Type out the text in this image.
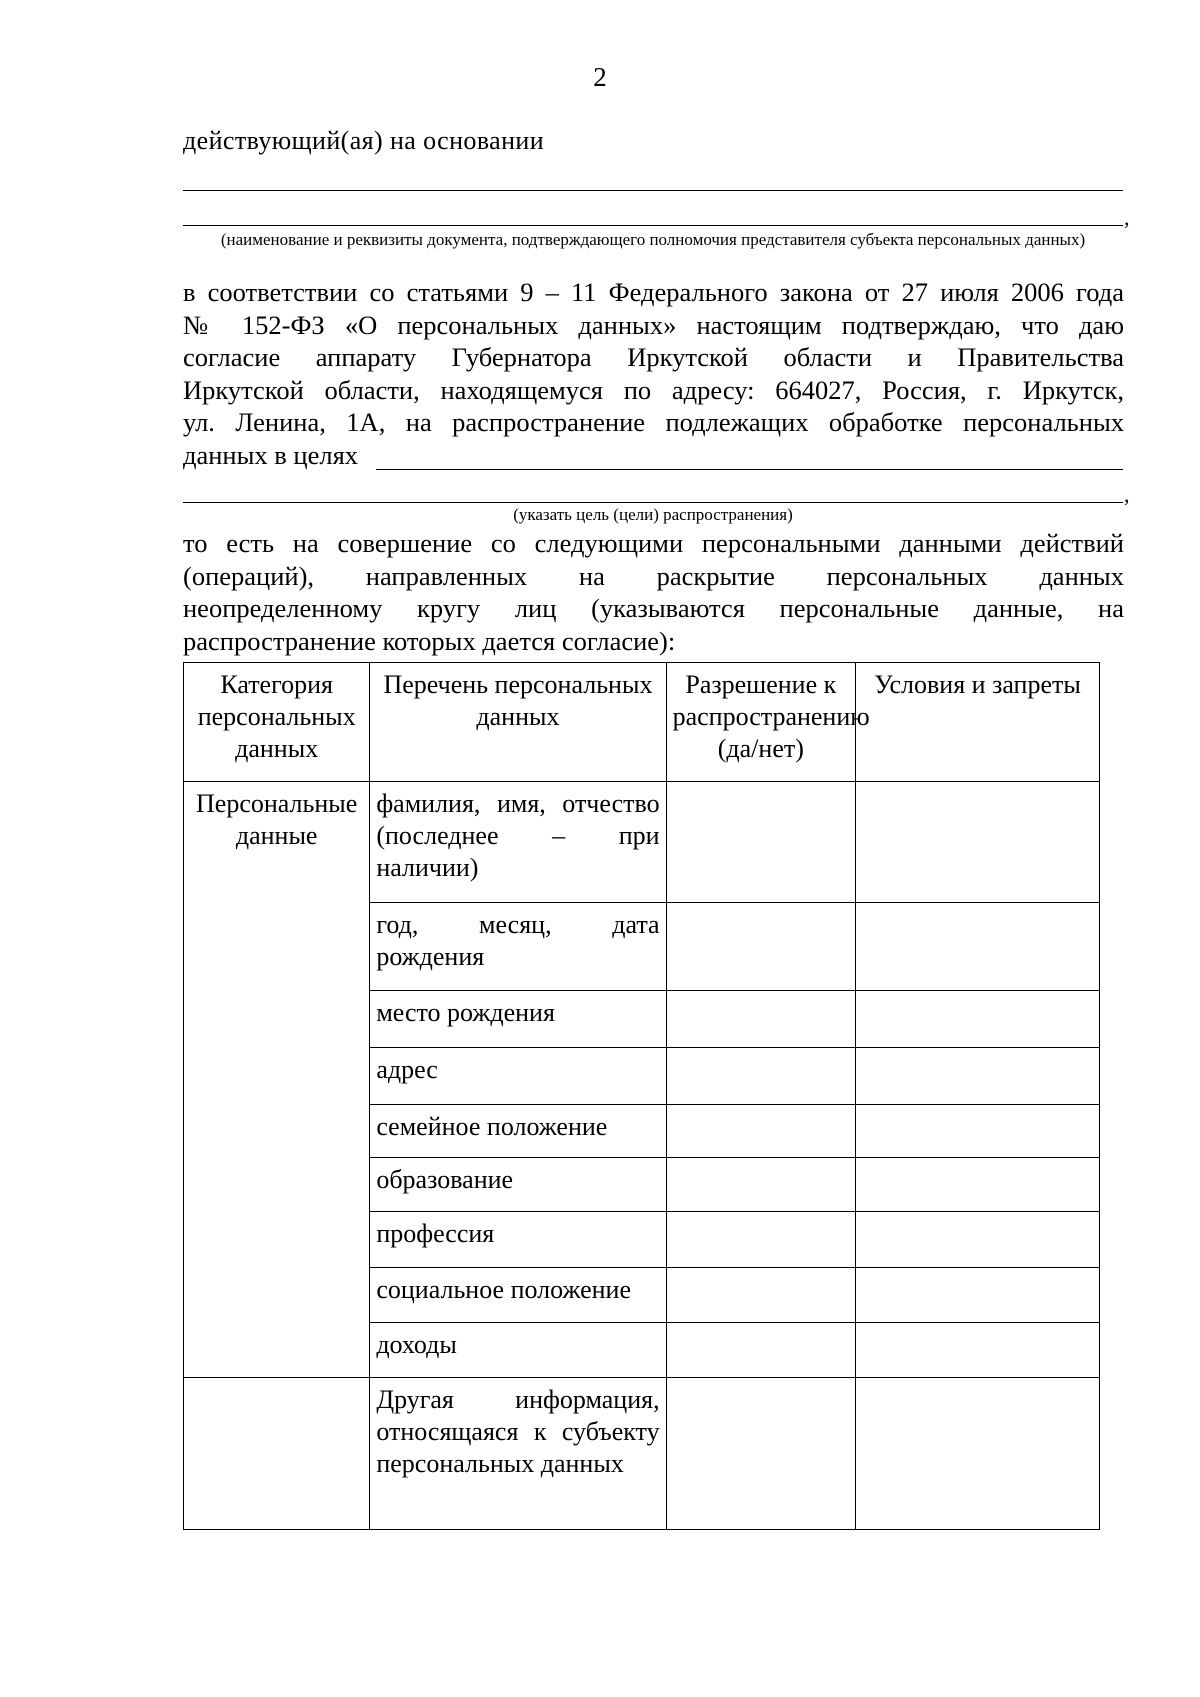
2
действующий(ая) на основании
,
(наименование и реквизиты документа, подтверждающего полномочия представителя субъекта персональных данных)
в соответствии со статьями 9 – 11 Федерального закона от 27 июля 2006 года
№ 152-ФЗ «О персональных данных» настоящим подтверждаю, что даю
согласие аппарату Губернатора Иркутской области и Правительства
Иркутской области, находящемуся по адресу: 664027, Россия, г. Иркутск,
ул. Ленина, 1А, на распространение подлежащих обработке персональных
данных в целях
,
(указать цель (цели) распространения)
то есть на совершение со следующими персональными данными действий
(операций), направленных на раскрытие персональных данных
неопределенному кругу лиц (указываются персональные данные, на
распространение которых дается согласие):
Категория персональных данных	Перечень персональных данных	Разрешение к распространению (да/нет)	Условия и запреты
Персональные данные	фамилия, имя, отчество (последнее – при наличии)		
	год, месяц, дата рождения		
	место рождения		
	адрес		
	семейное положение		
	образование		
	профессия		
	социальное положение		
	доходы		
	Другая информация, относящаяся к субъекту персональных данных		
